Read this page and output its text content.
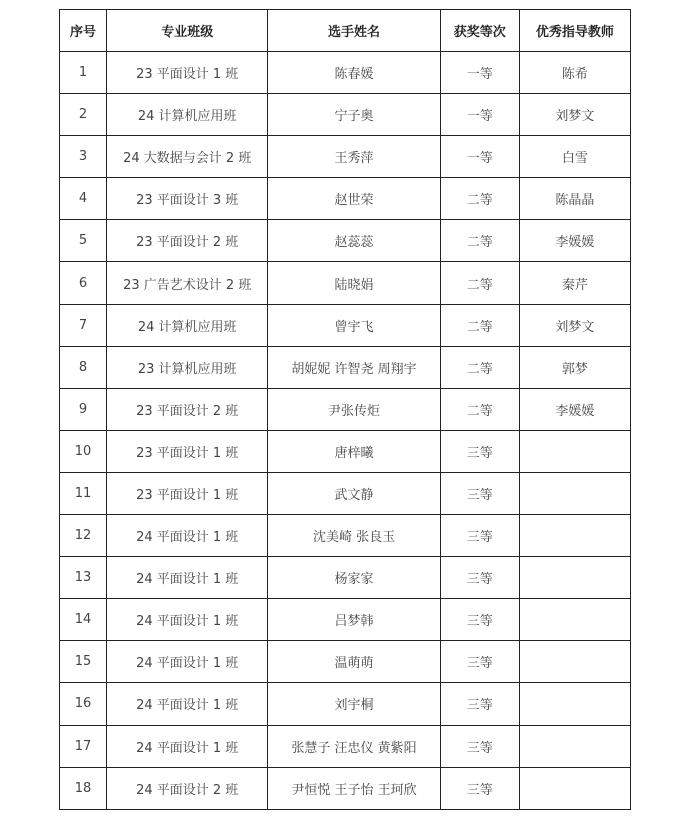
序号	专业班级	选手姓名	获奖等次	优秀指导教师
1	23 平面设计 1 班	陈春媛	一等	陈希
2	24 计算机应用班	宁子奥	一等	刘梦文
3	24 大数据与会计 2 班	王秀萍	一等	白雪
4	23 平面设计 3 班	赵世荣	二等	陈晶晶
5	23 平面设计 2 班	赵蕊蕊	二等	李媛媛
6	23 广告艺术设计 2 班	陆晓娟	二等	秦芹
7	24 计算机应用班	曾宇飞	二等	刘梦文
8	23 计算机应用班	胡妮妮 许智尧 周翔宇	二等	郭梦
9	23 平面设计 2 班	尹张传炬	二等	李媛媛
10	23 平面设计 1 班	唐梓曦	三等	
11	23 平面设计 1 班	武文静	三等	
12	24 平面设计 1 班	沈美崎 张良玉	三等	
13	24 平面设计 1 班	杨家家	三等	
14	24 平面设计 1 班	吕梦韩	三等	
15	24 平面设计 1 班	温萌萌	三等	
16	24 平面设计 1 班	刘宇桐	三等	
17	24 平面设计 1 班	张慧子 汪忠仪 黄紫阳	三等	
18	24 平面设计 2 班	尹恒悦 王子怡 王珂欣	三等	
